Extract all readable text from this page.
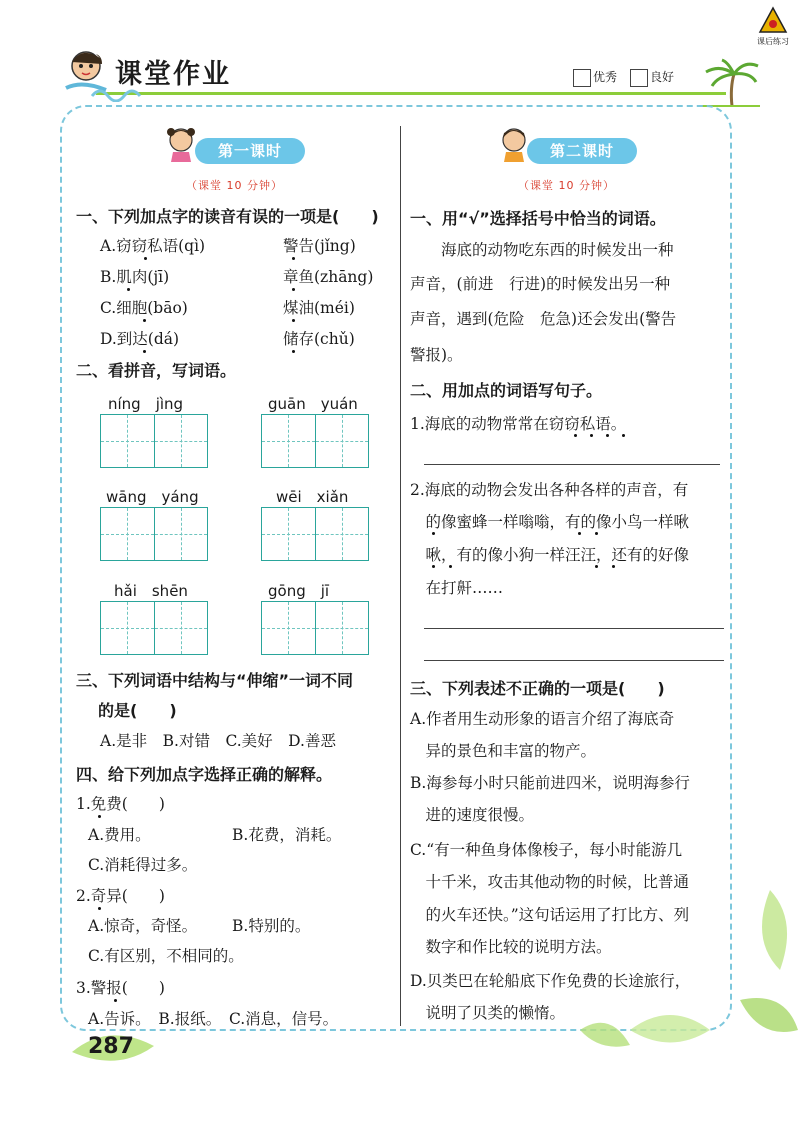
课堂作业	优秀	良好
课后练习
第一课时
（课堂 10 分钟）
一、下列加点字的读音有误的一项是(　　)
A.窃窃私语(qì)	警告(jǐng)
B.肌肉(jī)	章鱼(zhāng)
C.细胞(bāo)	煤油(méi)
D.到达(dá)	储存(chǔ)
二、看拼音，写词语。
níng　jìng	guān　yuán
wāng　yáng	wēi　xiǎn
hǎi　shēn	gōng　jī
三、下列词语中结构与“伸缩”一词不同
的是(　　)
A.是非　B.对错　C.美好　D.善恶
四、给下列加点字选择正确的解释。
1.免费(　　)
A.费用。	B.花费，消耗。
C.消耗得过多。
2.奇异(　　)
A.惊奇，奇怪。 B.特别的。
C.有区别，不相同的。
3.警报(　　)
A.告诉。　B.报纸。　C.消息，信号。
第二课时
（课堂 10 分钟）
一、用“√”选择括号中恰当的词语。
　　海底的动物吃东西的时候发出一种
声音，(前进　行进)的时候发出另一种
声音，遇到(危险　危急)还会发出(警告
警报)。
二、用加点的词语写句子。
1.海底的动物常常在窃窃私语。
2.海底的动物会发出各种各样的声音，有
　的像蜜蜂一样嗡嗡，有的像小鸟一样啾
　啾，有的像小狗一样汪汪，还有的好像
　在打鼾……
三、下列表述不正确的一项是(　　)
A.作者用生动形象的语言介绍了海底奇
　异的景色和丰富的物产。
B.海参每小时只能前进四米，说明海参行
　进的速度很慢。
C.“有一种鱼身体像梭子，每小时能游几
　十千米，攻击其他动物的时候，比普通
　的火车还快。”这句话运用了打比方、列
　数字和作比较的说明方法。
D.贝类巴在轮船底下作免费的长途旅行，
　说明了贝类的懒惰。
287
